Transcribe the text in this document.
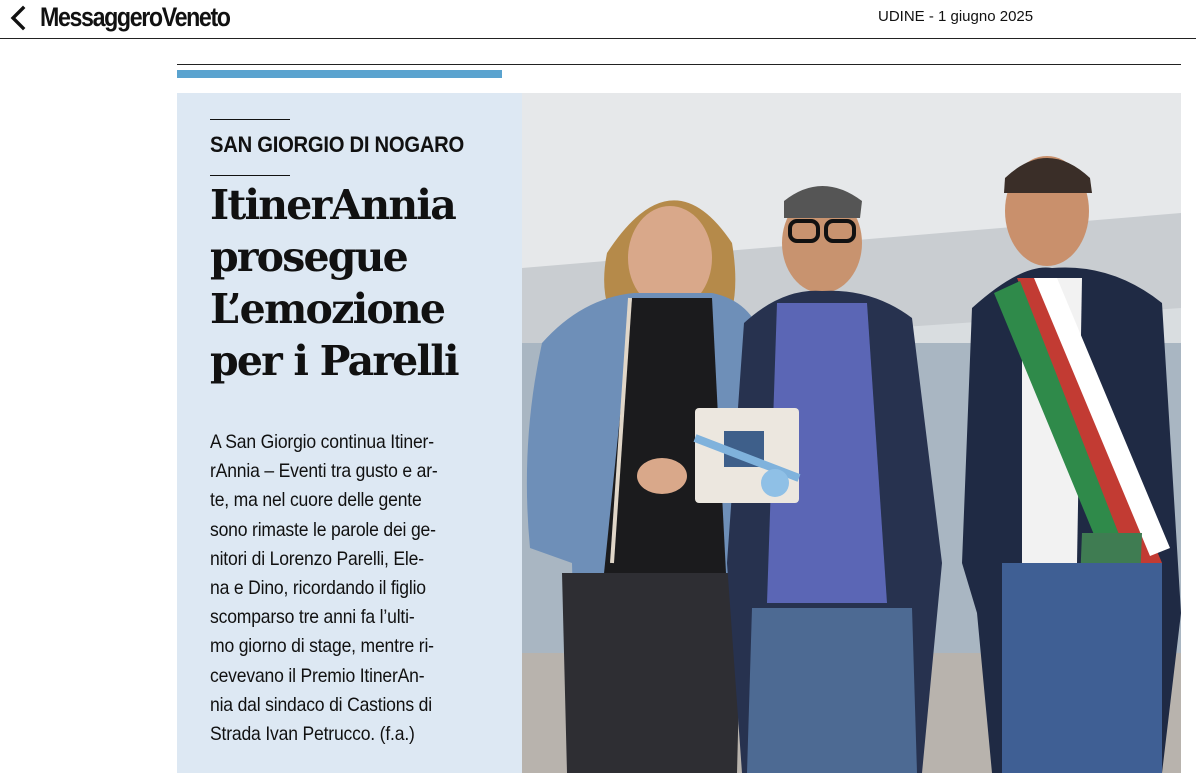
MessaggeroVeneto	UDINE - 1 giugno 2025
SAN GIORGIO DI NOGARO
ItinerAnnia
prosegue
L’emozione
per i Parelli
A San Giorgio continua Itiner-
rAnnia – Eventi tra gusto e ar-
te, ma nel cuore delle gente
sono rimaste le parole dei ge-
nitori di Lorenzo Parelli, Ele-
na e Dino, ricordando il figlio
scomparso tre anni fa l’ulti-
mo giorno di stage, mentre ri-
cevevano il Premio ItinerAn-
nia dal sindaco di Castions di
Strada Ivan Petrucco. (f.a.)
